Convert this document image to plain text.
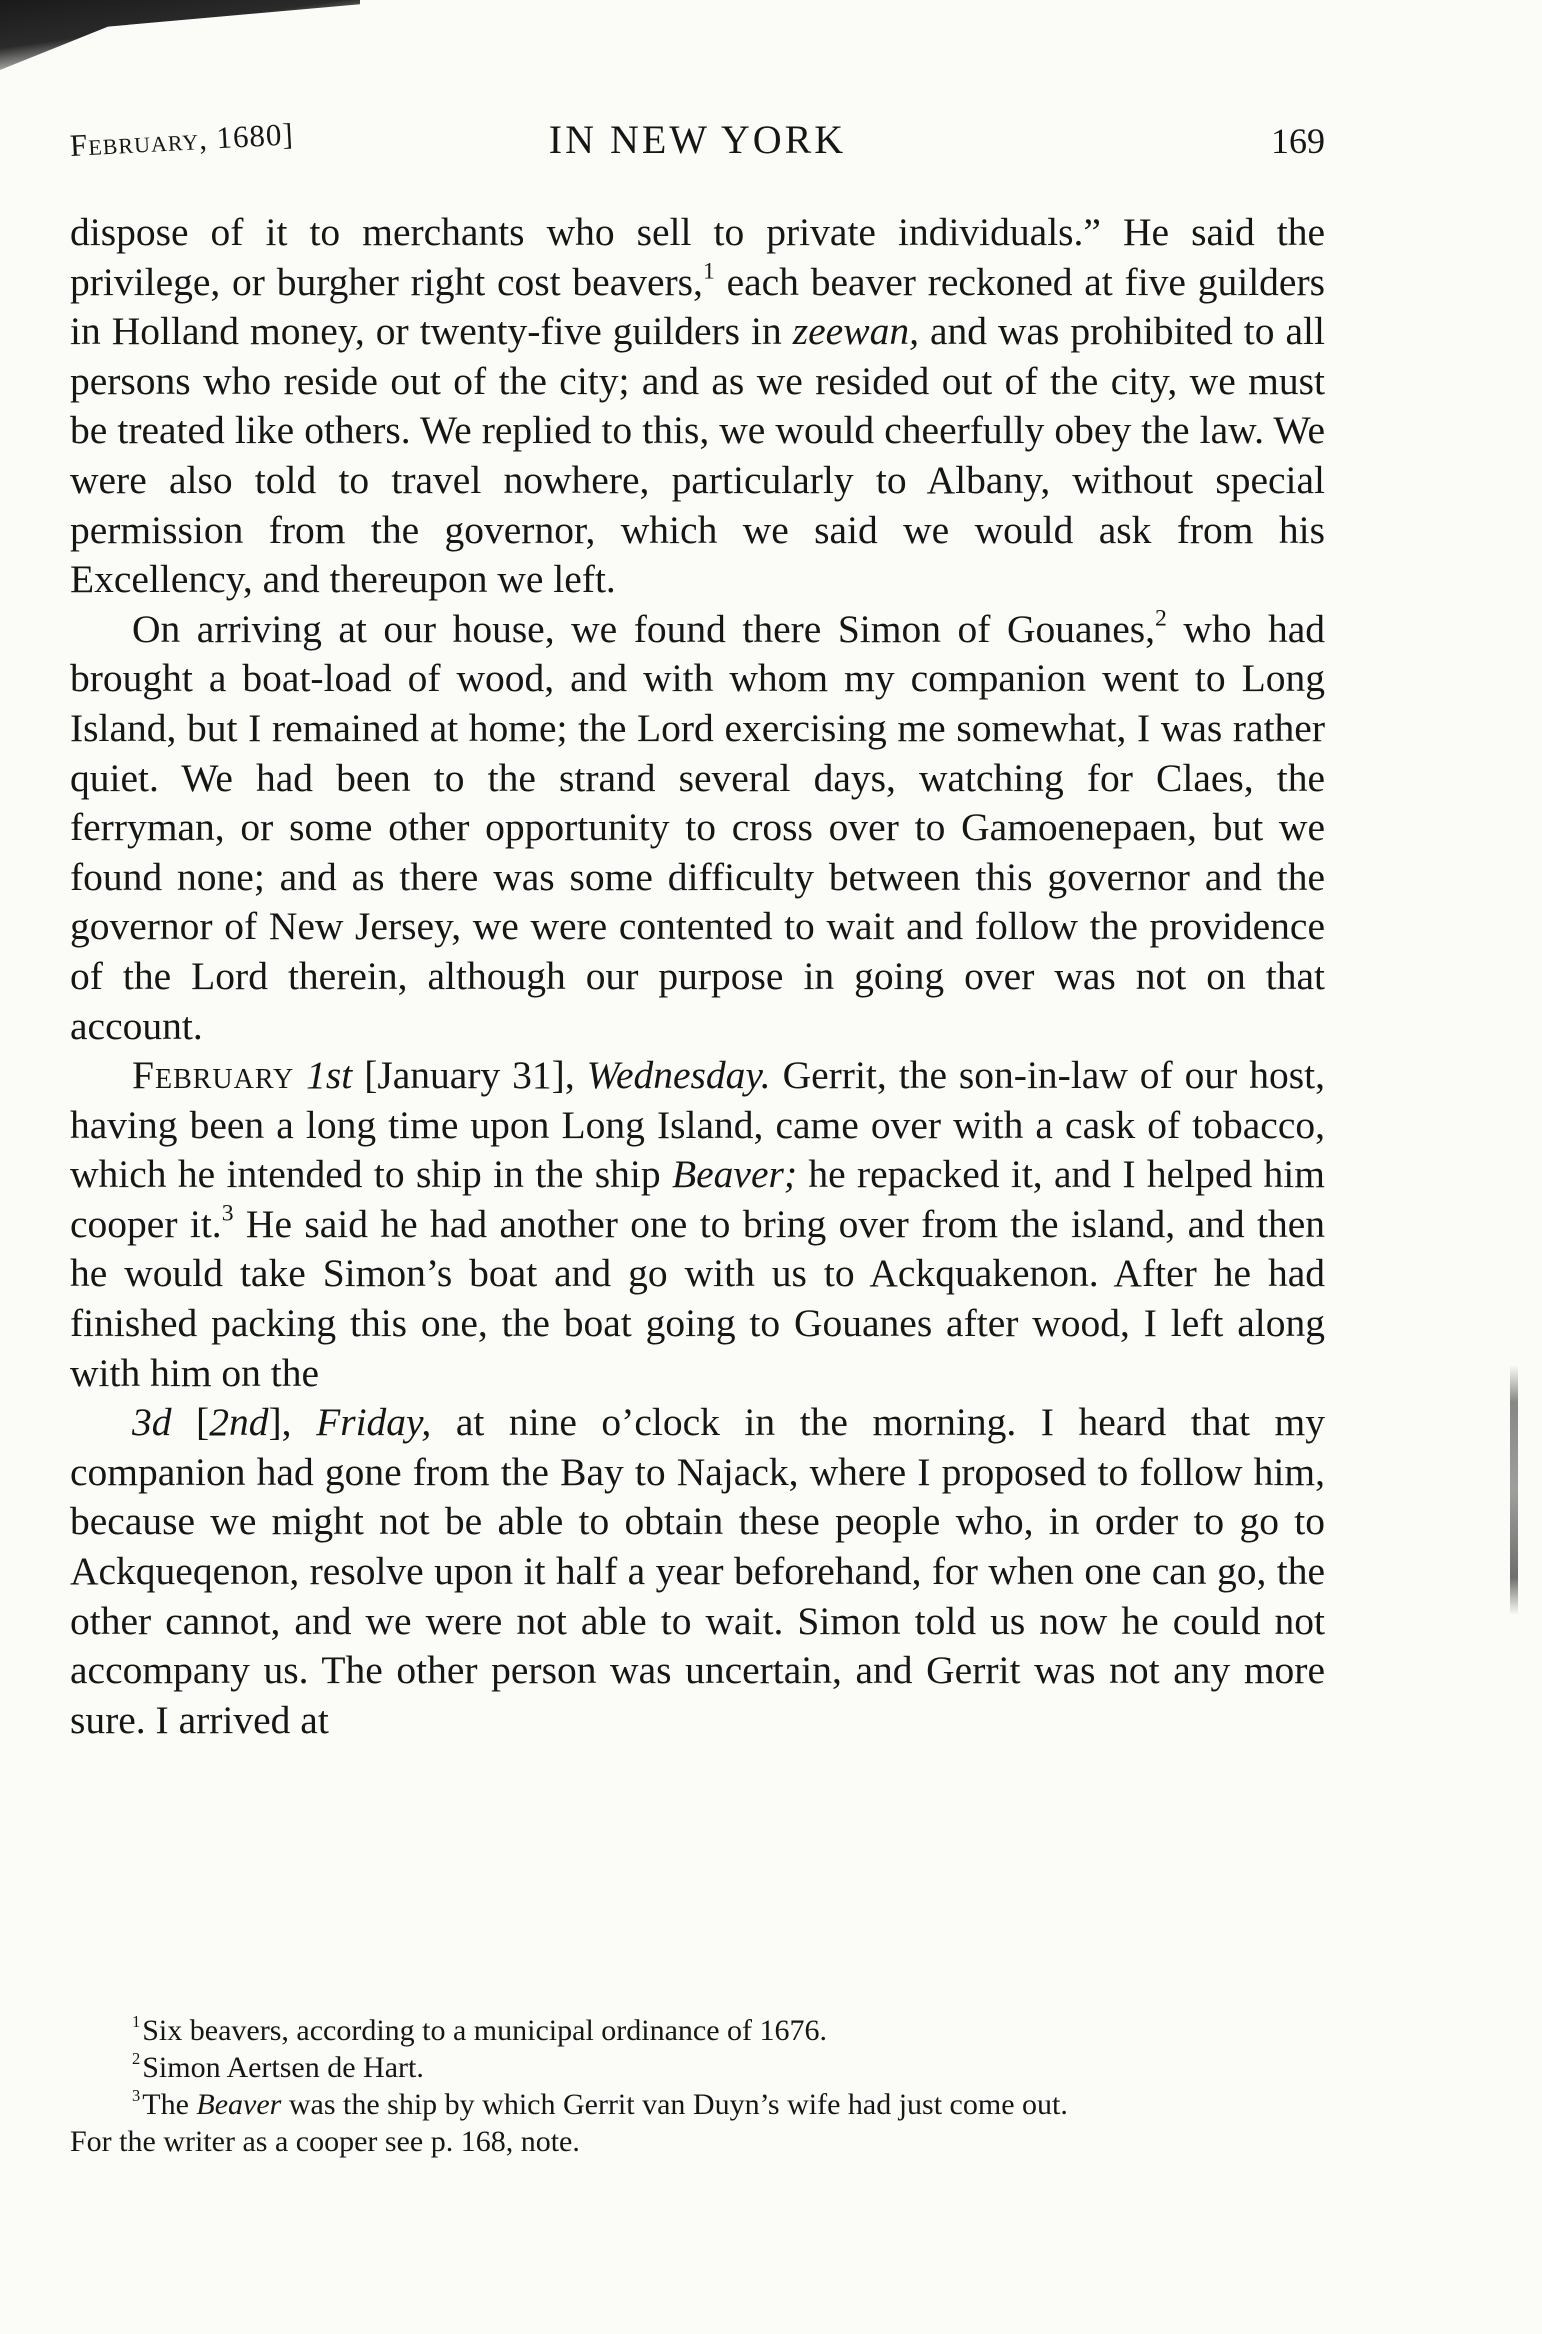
February, 1680]	IN NEW YORK	169

dispose of it to merchants who sell to private individuals.” He said the privilege, or burgher right cost beavers,$^1$ each beaver reckoned at five guilders in Holland money, or twenty-five guilders in zeewan, and was prohibited to all persons who reside out of the city; and as we resided out of the city, we must be treated like others. We replied to this, we would cheerfully obey the law. We were also told to travel nowhere, particularly to Albany, without special permission from the governor, which we said we would ask from his Excellency, and thereupon we left.

On arriving at our house, we found there Simon of Gouanes,$^2$ who had brought a boat-load of wood, and with whom my companion went to Long Island, but I remained at home; the Lord exercising me somewhat, I was rather quiet. We had been to the strand several days, watching for Claes, the ferryman, or some other opportunity to cross over to Gamoenepaen, but we found none; and as there was some difficulty between this governor and the governor of New Jersey, we were contented to wait and follow the providence of the Lord therein, although our purpose in going over was not on that account.

February 1st [January 31], Wednesday. Gerrit, the son-in-law of our host, having been a long time upon Long Island, came over with a cask of tobacco, which he intended to ship in the ship Beaver; he repacked it, and I helped him cooper it.$^3$ He said he had another one to bring over from the island, and then he would take Simon’s boat and go with us to Ackquakenon. After he had finished packing this one, the boat going to Gouanes after wood, I left along with him on the

3d [2nd], Friday, at nine o’clock in the morning. I heard that my companion had gone from the Bay to Najack, where I proposed to follow him, because we might not be able to obtain these people who, in order to go to Ackqueqenon, resolve upon it half a year beforehand, for when one can go, the other cannot, and we were not able to wait. Simon told us now he could not accompany us. The other person was uncertain, and Gerrit was not any more sure. I arrived at

$^1$Six beavers, according to a municipal ordinance of 1676.

$^2$Simon Aertsen de Hart.

$^3$The Beaver was the ship by which Gerrit van Duyn’s wife had just come out.

For the writer as a cooper see p. 168, note.
